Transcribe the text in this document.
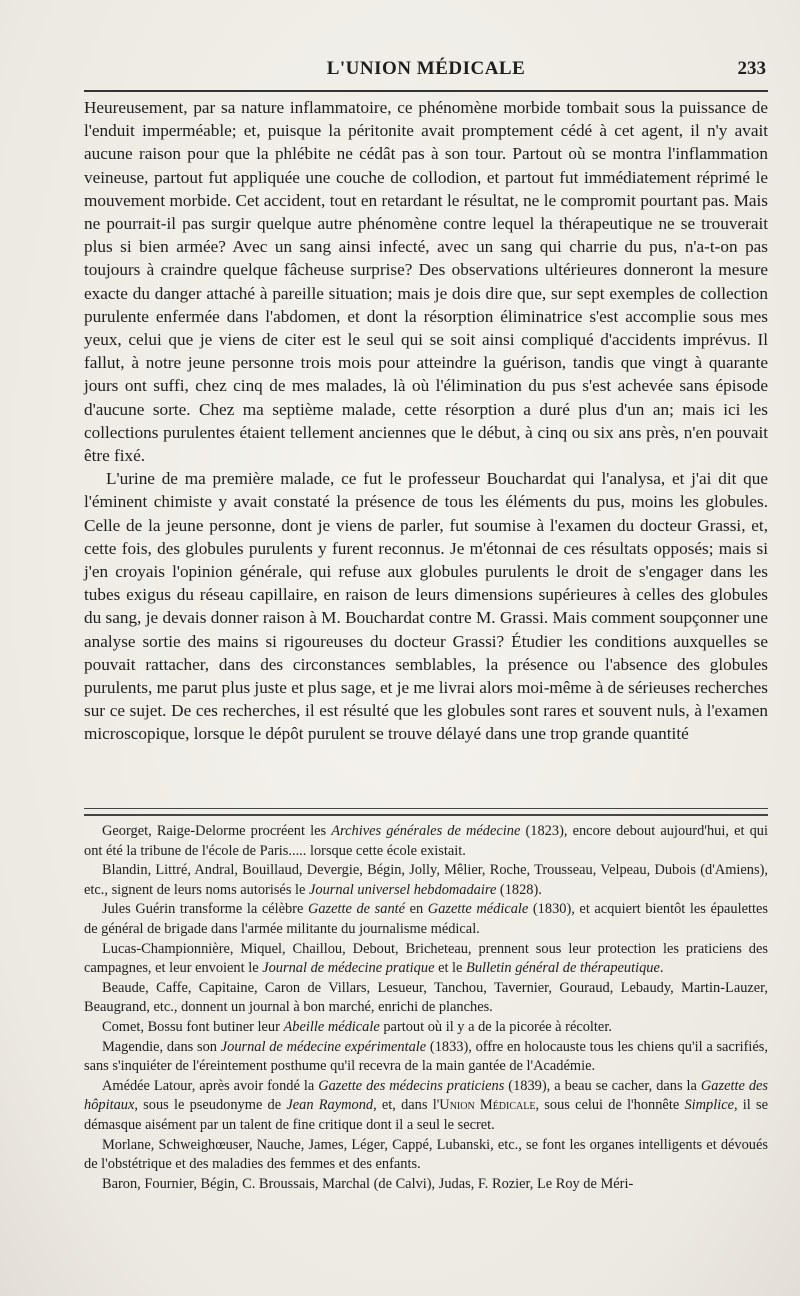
L'UNION MÉDICALE	233

Heureusement, par sa nature inflammatoire, ce phénomène morbide tombait sous la puissance de l'enduit imperméable; et, puisque la péritonite avait promptement cédé à cet agent, il n'y avait aucune raison pour que la phlébite ne cédât pas à son tour. Partout où se montra l'inflammation veineuse, partout fut appliquée une couche de collodion, et partout fut immédiatement réprimé le mouvement morbide. Cet accident, tout en retardant le résultat, ne le compromit pourtant pas. Mais ne pourrait-il pas surgir quelque autre phénomène contre lequel la thérapeutique ne se trouverait plus si bien armée? Avec un sang ainsi infecté, avec un sang qui charrie du pus, n'a-t-on pas toujours à craindre quelque fâcheuse surprise? Des observations ultérieures donneront la mesure exacte du danger attaché à pareille situation; mais je dois dire que, sur sept exemples de collection purulente enfermée dans l'abdomen, et dont la résorption éliminatrice s'est accomplie sous mes yeux, celui que je viens de citer est le seul qui se soit ainsi compliqué d'accidents imprévus. Il fallut, à notre jeune personne trois mois pour atteindre la guérison, tandis que vingt à quarante jours ont suffi, chez cinq de mes malades, là où l'élimination du pus s'est achevée sans épisode d'aucune sorte. Chez ma septième malade, cette résorption a duré plus d'un an; mais ici les collections purulentes étaient tellement anciennes que le début, à cinq ou six ans près, n'en pouvait être fixé.

L'urine de ma première malade, ce fut le professeur Bouchardat qui l'analysa, et j'ai dit que l'éminent chimiste y avait constaté la présence de tous les éléments du pus, moins les globules. Celle de la jeune personne, dont je viens de parler, fut soumise à l'examen du docteur Grassi, et, cette fois, des globules purulents y furent reconnus. Je m'étonnai de ces résultats opposés; mais si j'en croyais l'opinion générale, qui refuse aux globules purulents le droit de s'engager dans les tubes exigus du réseau capillaire, en raison de leurs dimensions supérieures à celles des globules du sang, je devais donner raison à M. Bouchardat contre M. Grassi. Mais comment soupçonner une analyse sortie des mains si rigoureuses du docteur Grassi? Étudier les conditions auxquelles se pouvait rattacher, dans des circonstances semblables, la présence ou l'absence des globules purulents, me parut plus juste et plus sage, et je me livrai alors moi-même à de sérieuses recherches sur ce sujet. De ces recherches, il est résulté que les globules sont rares et souvent nuls, à l'examen microscopique, lorsque le dépôt purulent se trouve délayé dans une trop grande quantité

Georget, Raige-Delorme procréent les Archives générales de médecine (1823), encore debout aujourd'hui, et qui ont été la tribune de l'école de Paris..... lorsque cette école existait.

Blandin, Littré, Andral, Bouillaud, Devergie, Bégin, Jolly, Mêlier, Roche, Trousseau, Velpeau, Dubois (d'Amiens), etc., signent de leurs noms autorisés le Journal universel hebdomadaire (1828).

Jules Guérin transforme la célèbre Gazette de santé en Gazette médicale (1830), et acquiert bientôt les épaulettes de général de brigade dans l'armée militante du journalisme médical.

Lucas-Championnière, Miquel, Chaillou, Debout, Bricheteau, prennent sous leur protection les praticiens des campagnes, et leur envoient le Journal de médecine pratique et le Bulletin général de thérapeutique.

Beaude, Caffe, Capitaine, Caron de Villars, Lesueur, Tanchou, Tavernier, Gouraud, Lebaudy, Martin-Lauzer, Beaugrand, etc., donnent un journal à bon marché, enrichi de planches.

Comet, Bossu font butiner leur Abeille médicale partout où il y a de la picorée à récolter.

Magendie, dans son Journal de médecine expérimentale (1833), offre en holocauste tous les chiens qu'il a sacrifiés, sans s'inquiéter de l'éreintement posthume qu'il recevra de la main gantée de l'Académie.

Amédée Latour, après avoir fondé la Gazette des médecins praticiens (1839), a beau se cacher, dans la Gazette des hôpitaux, sous le pseudonyme de Jean Raymond, et, dans l'Union Médicale, sous celui de l'honnête Simplice, il se démasque aisément par un talent de fine critique dont il a seul le secret.

Morlane, Schweighœuser, Nauche, James, Léger, Cappé, Lubanski, etc., se font les organes intelligents et dévoués de l'obstétrique et des maladies des femmes et des enfants.

Baron, Fournier, Bégin, C. Broussais, Marchal (de Calvi), Judas, F. Rozier, Le Roy de Méri-
